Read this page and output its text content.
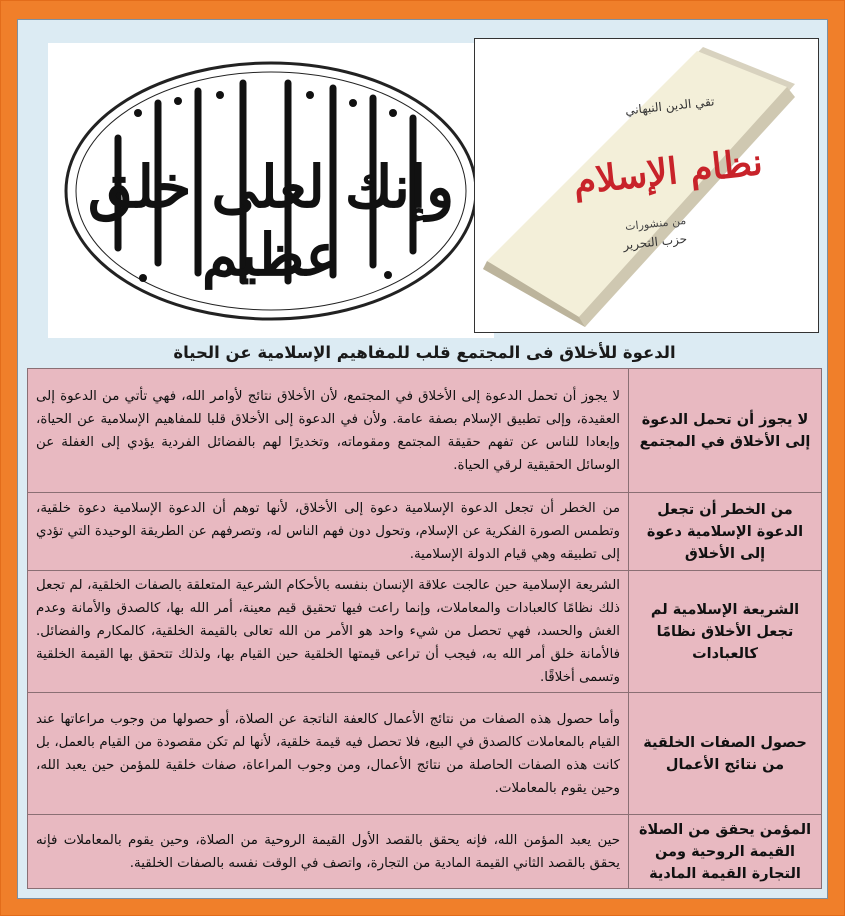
وإنك لعلى خلق عظيم
تقي الدين النبهاني
نظام الإسلام
من منشورات
حزب التحرير
الدعوة للأخلاق فى المجتمع قلب للمفاهيم الإسلامية عن الحياة
لا يجوز أن تحمل الدعوة إلى الأخلاق في المجتمع	لا يجوز أن تحمل الدعوة إلى الأخلاق في المجتمع، لأن الأخلاق نتائج لأوامر الله، فهي تأتي من الدعوة إلى العقيدة، وإلى تطبيق الإسلام بصفة عامة. ولأن في الدعوة إلى الأخلاق قلبا للمفاهيم الإسلامية عن الحياة، وإبعادا للناس عن تفهم حقيقة المجتمع ومقوماته، وتخديرًا لهم بالفضائل الفردية يؤدي إلى الغفلة عن الوسائل الحقيقية لرقي الحياة.
من الخطر أن تجعل الدعوة الإسلامية دعوة إلى الأخلاق	من الخطر أن تجعل الدعوة الإسلامية دعوة إلى الأخلاق، لأنها توهم أن الدعوة الإسلامية دعوة خلقية، وتطمس الصورة الفكرية عن الإسلام، وتحول دون فهم الناس له، وتصرفهم عن الطريقة الوحيدة التي تؤدي إلى تطبيقه وهي قيام الدولة الإسلامية.
الشريعة الإسلامية لم تجعل الأخلاق نظامًا كالعبادات	الشريعة الإسلامية حين عالجت علاقة الإنسان بنفسه بالأحكام الشرعية المتعلقة بالصفات الخلقية، لم تجعل ذلك نظامًا كالعبادات والمعاملات، وإنما راعت فيها تحقيق قيم معينة، أمر الله بها، كالصدق والأمانة وعدم الغش والحسد، فهي تحصل من شيء واحد هو الأمر من الله تعالى بالقيمة الخلقية، كالمكارم والفضائل. فالأمانة خلق أمر الله به، فيجب أن تراعى قيمتها الخلقية حين القيام بها، ولذلك تتحقق بها القيمة الخلقية وتسمى أخلاقًا.
حصول الصفات الخلقية من نتائج الأعمال	وأما حصول هذه الصفات من نتائج الأعمال كالعفة الناتجة عن الصلاة، أو حصولها من وجوب مراعاتها عند القيام بالمعاملات كالصدق في البيع، فلا تحصل فيه قيمة خلقية، لأنها لم تكن مقصودة من القيام بالعمل، بل كانت هذه الصفات الحاصلة من نتائج الأعمال، ومن وجوب المراعاة، صفات خلقية للمؤمن حين يعبد الله، وحين يقوم بالمعاملات.
المؤمن يحقق من الصلاة القيمة الروحية ومن التجارة القيمة المادية	حين يعبد المؤمن الله، فإنه يحقق بالقصد الأول القيمة الروحية من الصلاة، وحين يقوم بالمعاملات فإنه يحقق بالقصد الثاني القيمة المادية من التجارة، واتصف في الوقت نفسه بالصفات الخلقية.
